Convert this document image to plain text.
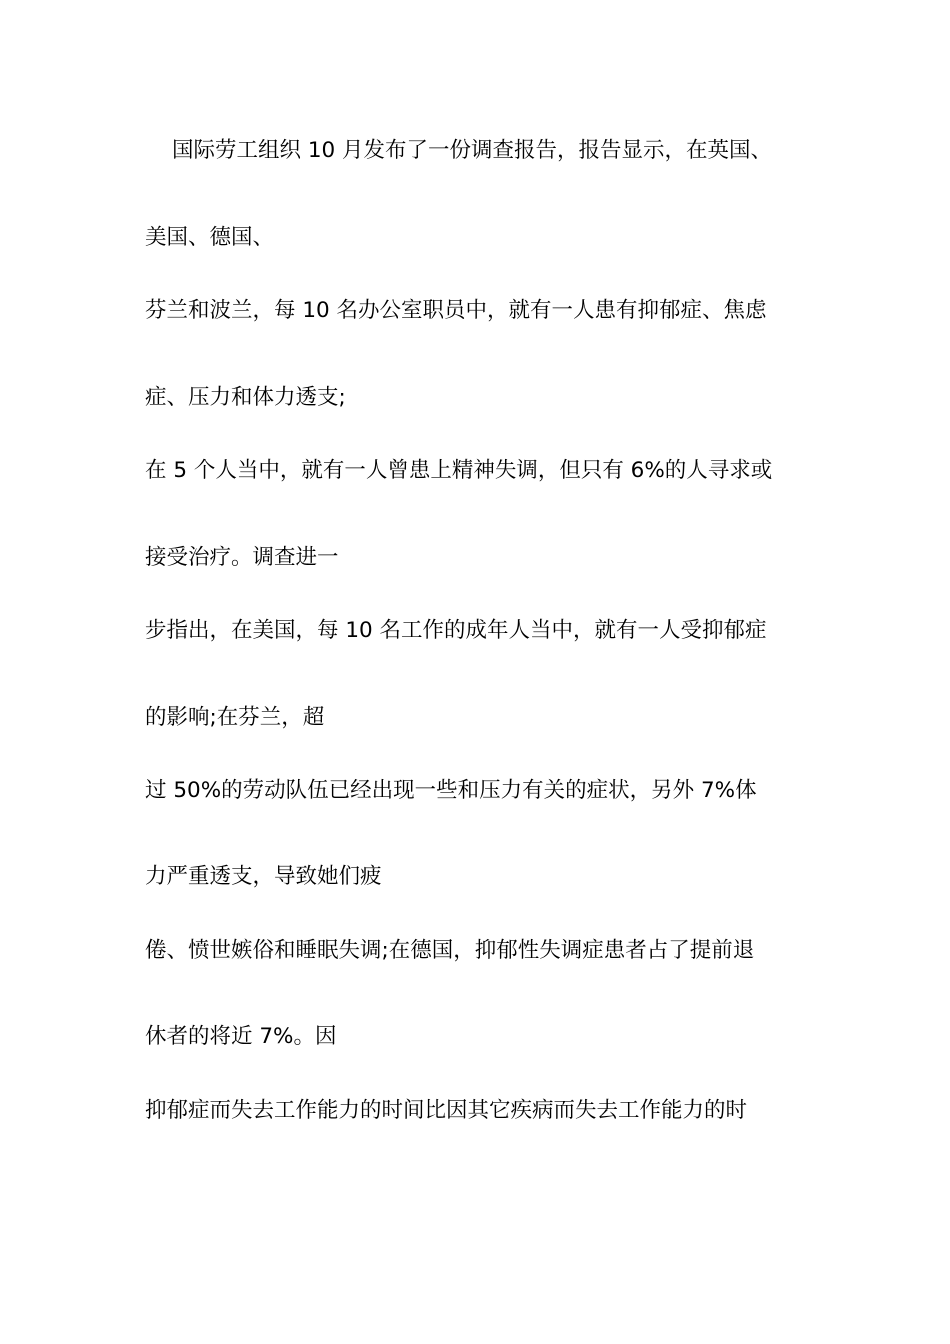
国际劳工组织 10 月发布了一份调查报告，报告显示，在英国、
美国、德国、
芬兰和波兰，每 10 名办公室职员中，就有一人患有抑郁症、焦虑
症、压力和体力透支;
在 5 个人当中，就有一人曾患上精神失调，但只有 6%的人寻求或
接受治疗。调查进一
步指出，在美国，每 10 名工作的成年人当中，就有一人受抑郁症
的影响;在芬兰，超
过 50%的劳动队伍已经出现一些和压力有关的症状，另外 7%体
力严重透支，导致她们疲
倦、愤世嫉俗和睡眠失调;在德国，抑郁性失调症患者占了提前退
休者的将近 7%。因
抑郁症而失去工作能力的时间比因其它疾病而失去工作能力的时
